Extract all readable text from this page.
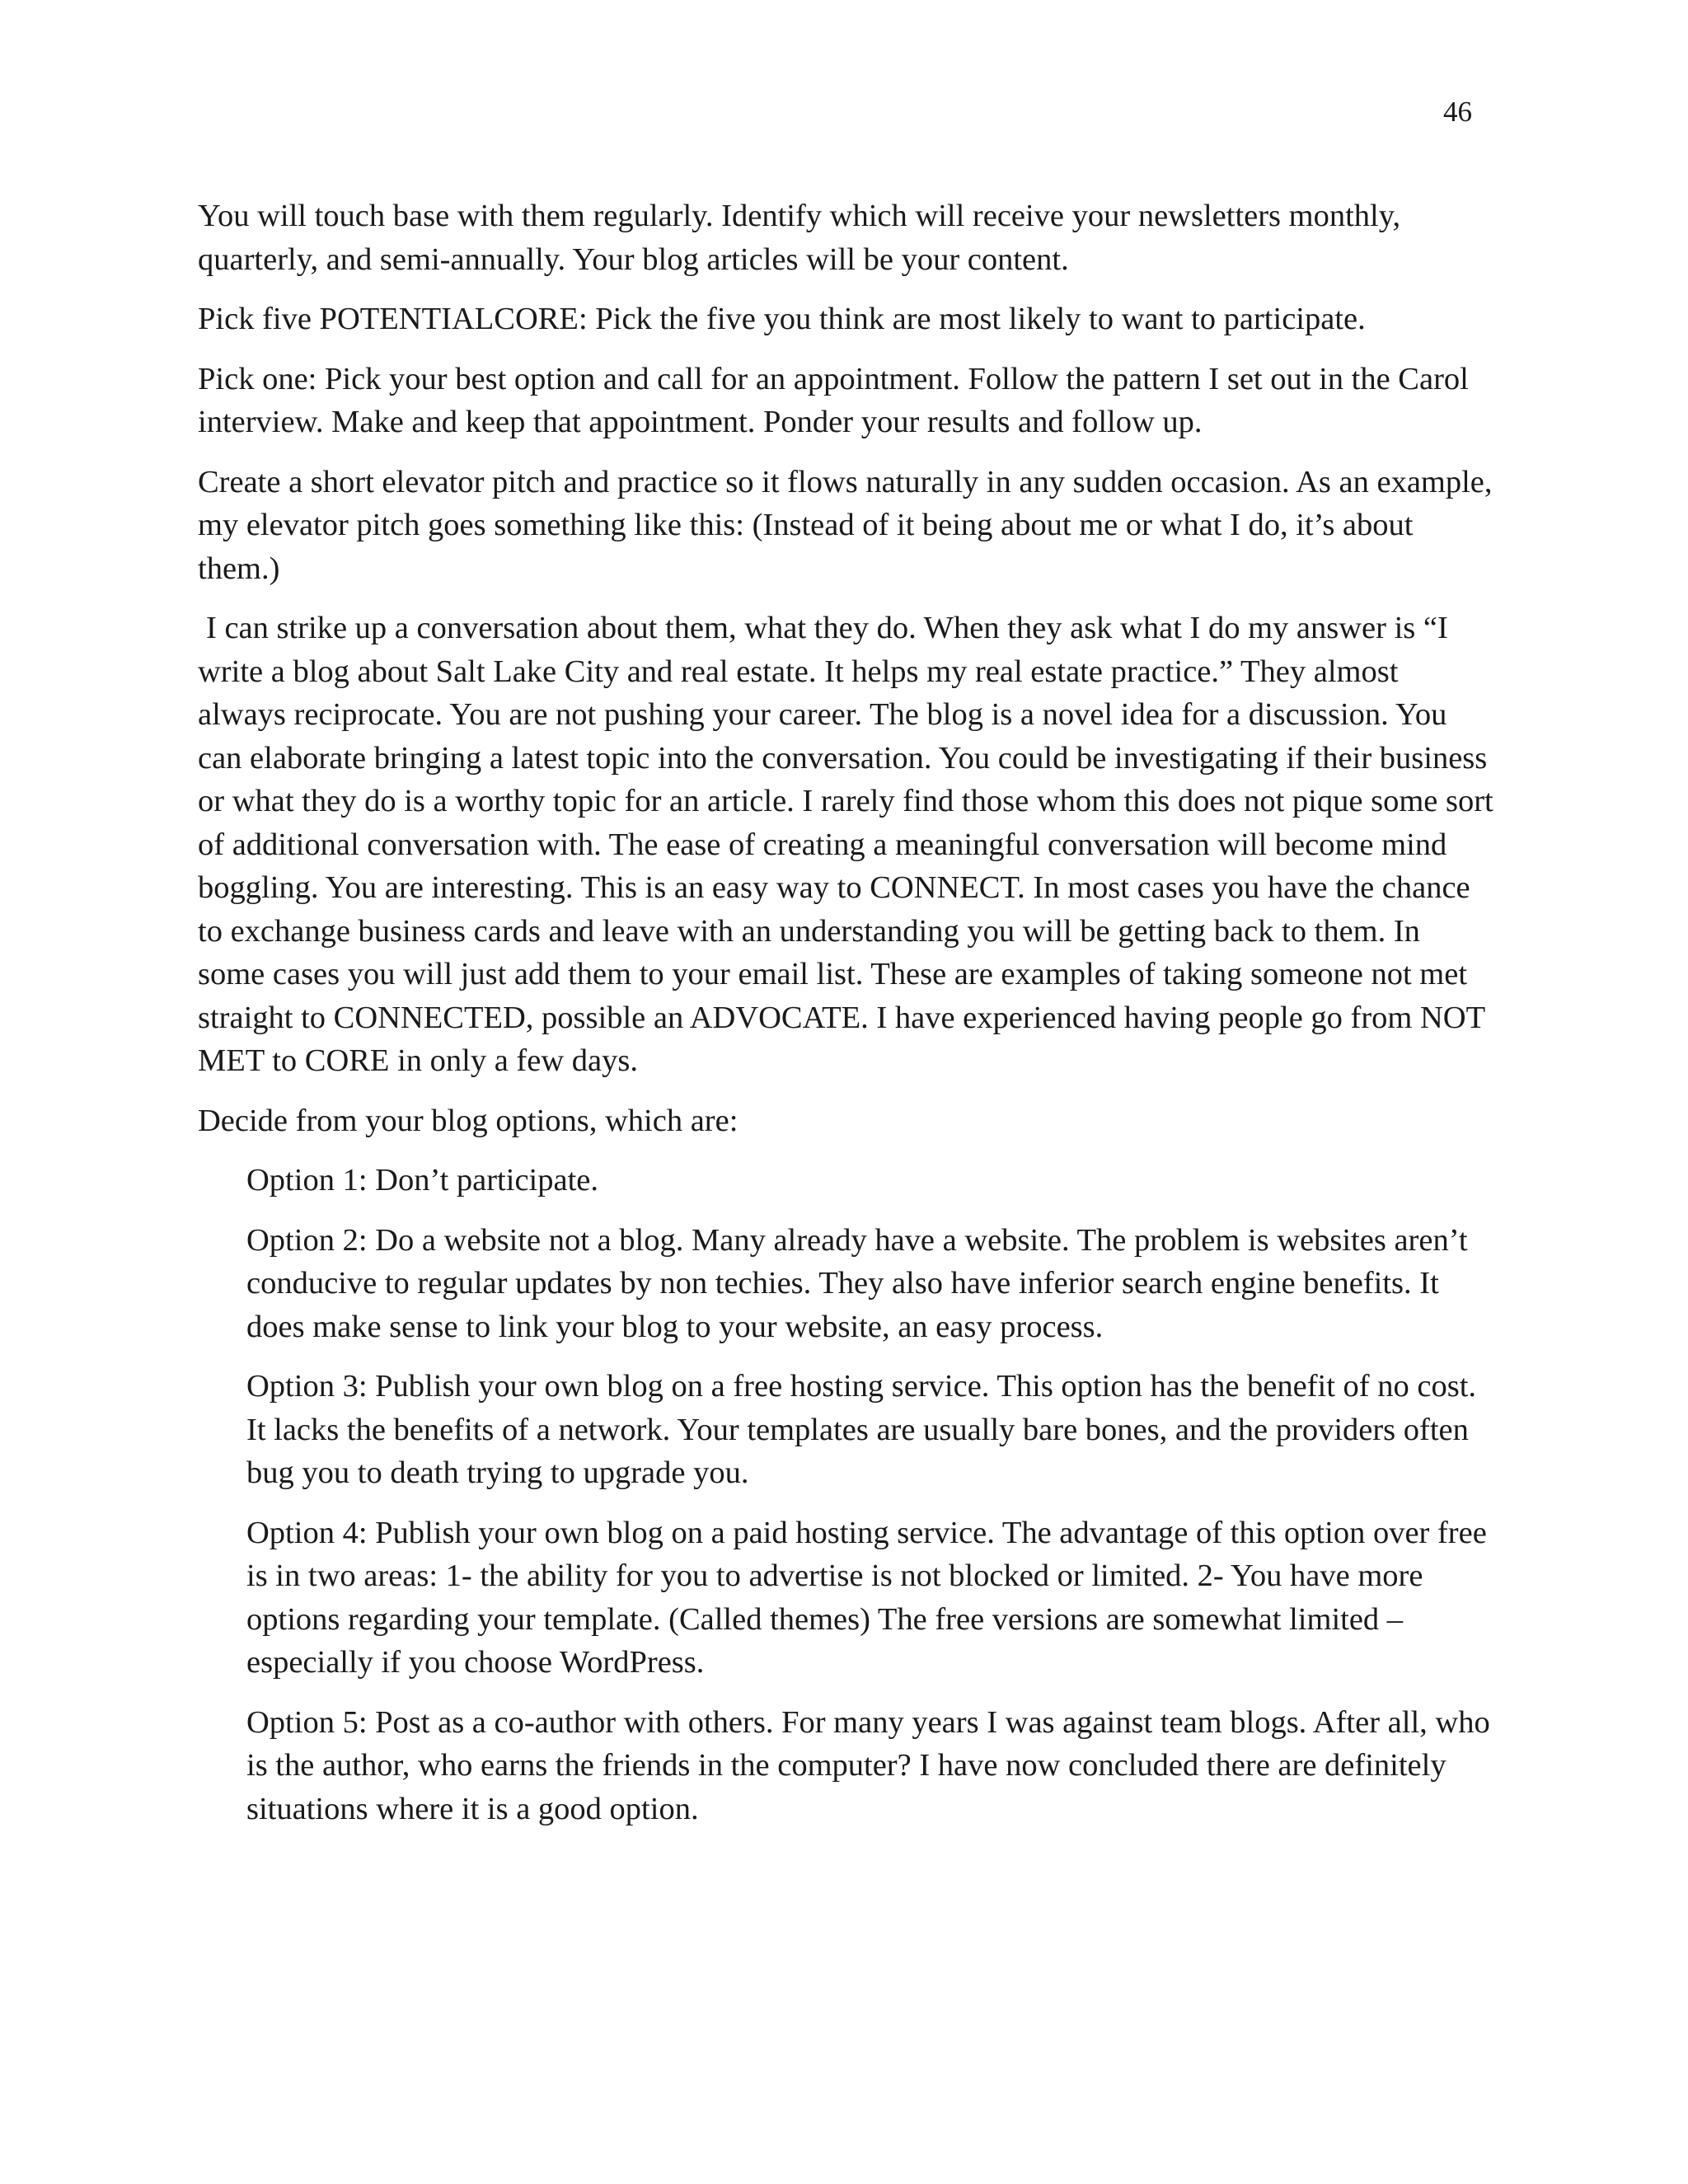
46

You will touch base with them regularly. Identify which will receive your newsletters monthly, quarterly, and semi-annually. Your blog articles will be your content.

Pick five POTENTIALCORE: Pick the five you think are most likely to want to participate.

Pick one: Pick your best option and call for an appointment. Follow the pattern I set out in the Carol interview. Make and keep that appointment. Ponder your results and follow up.

Create a short elevator pitch and practice so it flows naturally in any sudden occasion. As an example, my elevator pitch goes something like this: (Instead of it being about me or what I do, it’s about them.)

I can strike up a conversation about them, what they do. When they ask what I do my answer is “I write a blog about Salt Lake City and real estate. It helps my real estate practice.” They almost always reciprocate. You are not pushing your career. The blog is a novel idea for a discussion. You can elaborate bringing a latest topic into the conversation. You could be investigating if their business or what they do is a worthy topic for an article. I rarely find those whom this does not pique some sort of additional conversation with. The ease of creating a meaningful conversation will become mind boggling. You are interesting. This is an easy way to CONNECT. In most cases you have the chance to exchange business cards and leave with an understanding you will be getting back to them. In some cases you will just add them to your email list. These are examples of taking someone not met straight to CONNECTED, possible an ADVOCATE. I have experienced having people go from NOT MET to CORE in only a few days.

Decide from your blog options, which are:

Option 1: Don’t participate.

Option 2: Do a website not a blog. Many already have a website. The problem is websites aren’t conducive to regular updates by non techies. They also have inferior search engine benefits. It does make sense to link your blog to your website, an easy process.

Option 3: Publish your own blog on a free hosting service. This option has the benefit of no cost. It lacks the benefits of a network. Your templates are usually bare bones, and the providers often bug you to death trying to upgrade you.

Option 4: Publish your own blog on a paid hosting service. The advantage of this option over free is in two areas: 1- the ability for you to advertise is not blocked or limited. 2- You have more options regarding your template. (Called themes) The free versions are somewhat limited – especially if you choose WordPress.

Option 5: Post as a co-author with others. For many years I was against team blogs. After all, who is the author, who earns the friends in the computer? I have now concluded there are definitely situations where it is a good option.
